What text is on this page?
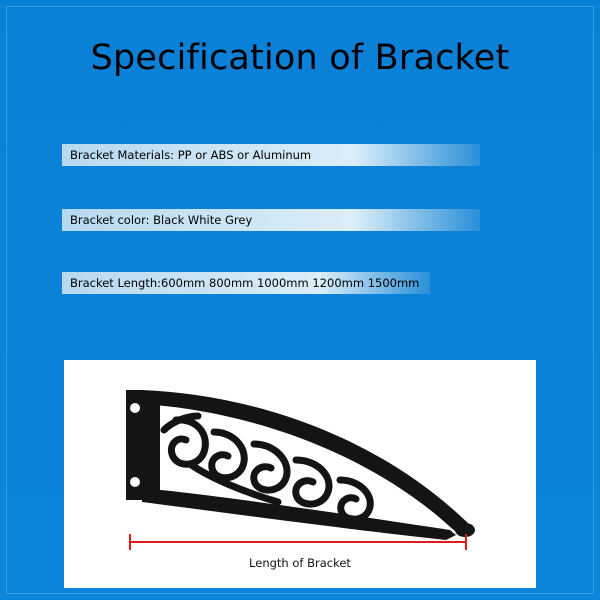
Specification of Bracket
Bracket Materials: PP or ABS or Aluminum
Bracket color: Black White Grey
Bracket Length:600mm 800mm 1000mm 1200mm 1500mm
Length of Bracket
